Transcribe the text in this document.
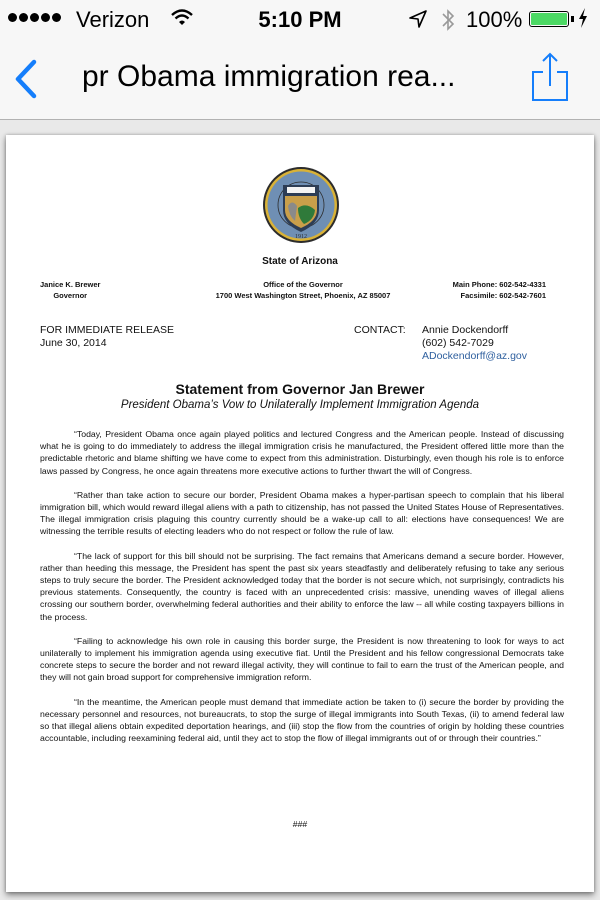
Verizon	5:10 PM	100%
pr Obama immigration rea...
1912
State of Arizona
Janice K. Brewer
Governor
Office of the Governor
1700 West Washington Street, Phoenix, AZ 85007
Main Phone: 602-542-4331
Facsimile: 602-542-7601
FOR IMMEDIATE RELEASE
June 30, 2014
CONTACT: Annie Dockendorff
(602) 542-7029
ADockendorff@az.gov
Statement from Governor Jan Brewer
President Obama’s Vow to Unilaterally Implement Immigration Agenda

“Today, President Obama once again played politics and lectured Congress and the American people. Instead of discussing what he is going to do immediately to address the illegal immigration crisis he manufactured, the President offered little more than the predictable rhetoric and blame shifting we have come to expect from this administration. Disturbingly, even though his role is to enforce laws passed by Congress, he once again threatens more executive actions to further thwart the will of Congress.

“Rather than take action to secure our border, President Obama makes a hyper-partisan speech to complain that his liberal immigration bill, which would reward illegal aliens with a path to citizenship, has not passed the United States House of Representatives. The illegal immigration crisis plaguing this country currently should be a wake-up call to all: elections have consequences! We are witnessing the terrible results of electing leaders who do not respect or follow the rule of law.

“The lack of support for this bill should not be surprising. The fact remains that Americans demand a secure border. However, rather than heeding this message, the President has spent the past six years steadfastly and deliberately refusing to take any serious steps to truly secure the border. The President acknowledged today that the border is not secure which, not surprisingly, contradicts his previous statements. Consequently, the country is faced with an unprecedented crisis: massive, unending waves of illegal aliens crossing our southern border, overwhelming federal authorities and their ability to enforce the law -- all while costing taxpayers billions in the process.

“Failing to acknowledge his own role in causing this border surge, the President is now threatening to look for ways to act unilaterally to implement his immigration agenda using executive fiat. Until the President and his fellow congressional Democrats take concrete steps to secure the border and not reward illegal activity, they will continue to fail to earn the trust of the American people, and they will not gain broad support for comprehensive immigration reform.

“In the meantime, the American people must demand that immediate action be taken to (i) secure the border by providing the necessary personnel and resources, not bureaucrats, to stop the surge of illegal immigrants into South Texas, (ii) to amend federal law so that illegal aliens obtain expedited deportation hearings, and (iii) stop the flow from the countries of origin by holding these countries accountable, including reexamining federal aid, until they act to stop the flow of illegal immigrants out of or through their countries.”

###
